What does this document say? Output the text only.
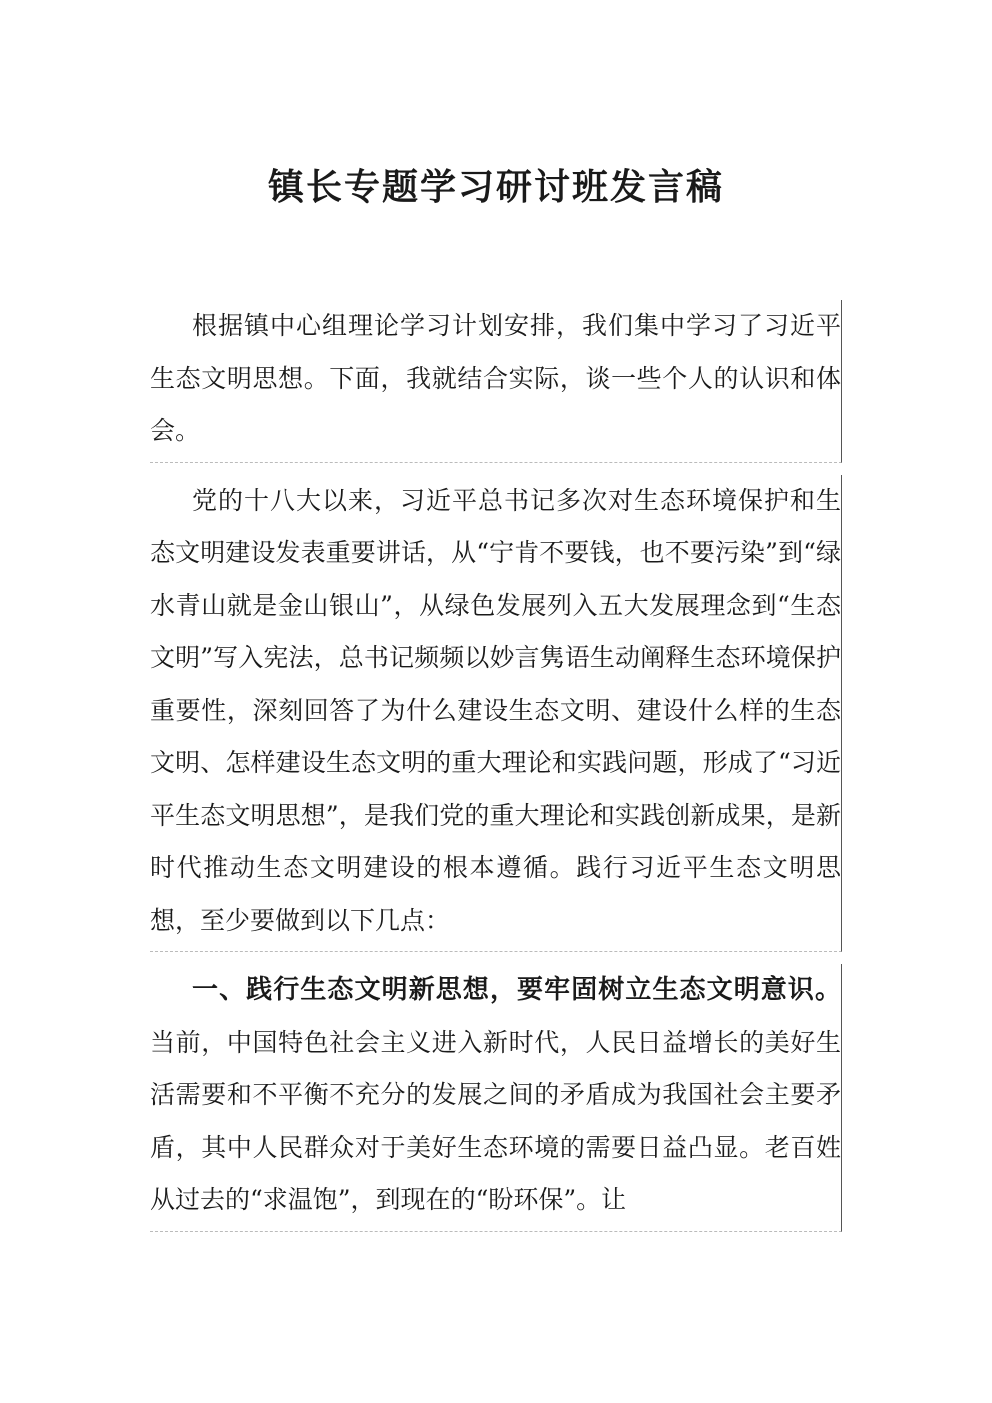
镇长专题学习研讨班发言稿

根据镇中心组理论学习计划安排，我们集中学习了习近平生态文明思想。下面，我就结合实际，谈一些个人的认识和体会。

党的十八大以来，习近平总书记多次对生态环境保护和生态文明建设发表重要讲话，从“宁肯不要钱，也不要污染”到“绿水青山就是金山银山”，从绿色发展列入五大发展理念到“生态文明”写入宪法，总书记频频以妙言隽语生动阐释生态环境保护重要性，深刻回答了为什么建设生态文明、建设什么样的生态文明、怎样建设生态文明的重大理论和实践问题，形成了“习近平生态文明思想”，是我们党的重大理论和实践创新成果，是新时代推动生态文明建设的根本遵循。践行习近平生态文明思想，至少要做到以下几点：

一、践行生态文明新思想，要牢固树立生态文明意识。当前，中国特色社会主义进入新时代，人民日益增长的美好生活需要和不平衡不充分的发展之间的矛盾成为我国社会主要矛盾，其中人民群众对于美好生态环境的需要日益凸显。老百姓从过去的“求温饱”，到现在的“盼环保”。让
